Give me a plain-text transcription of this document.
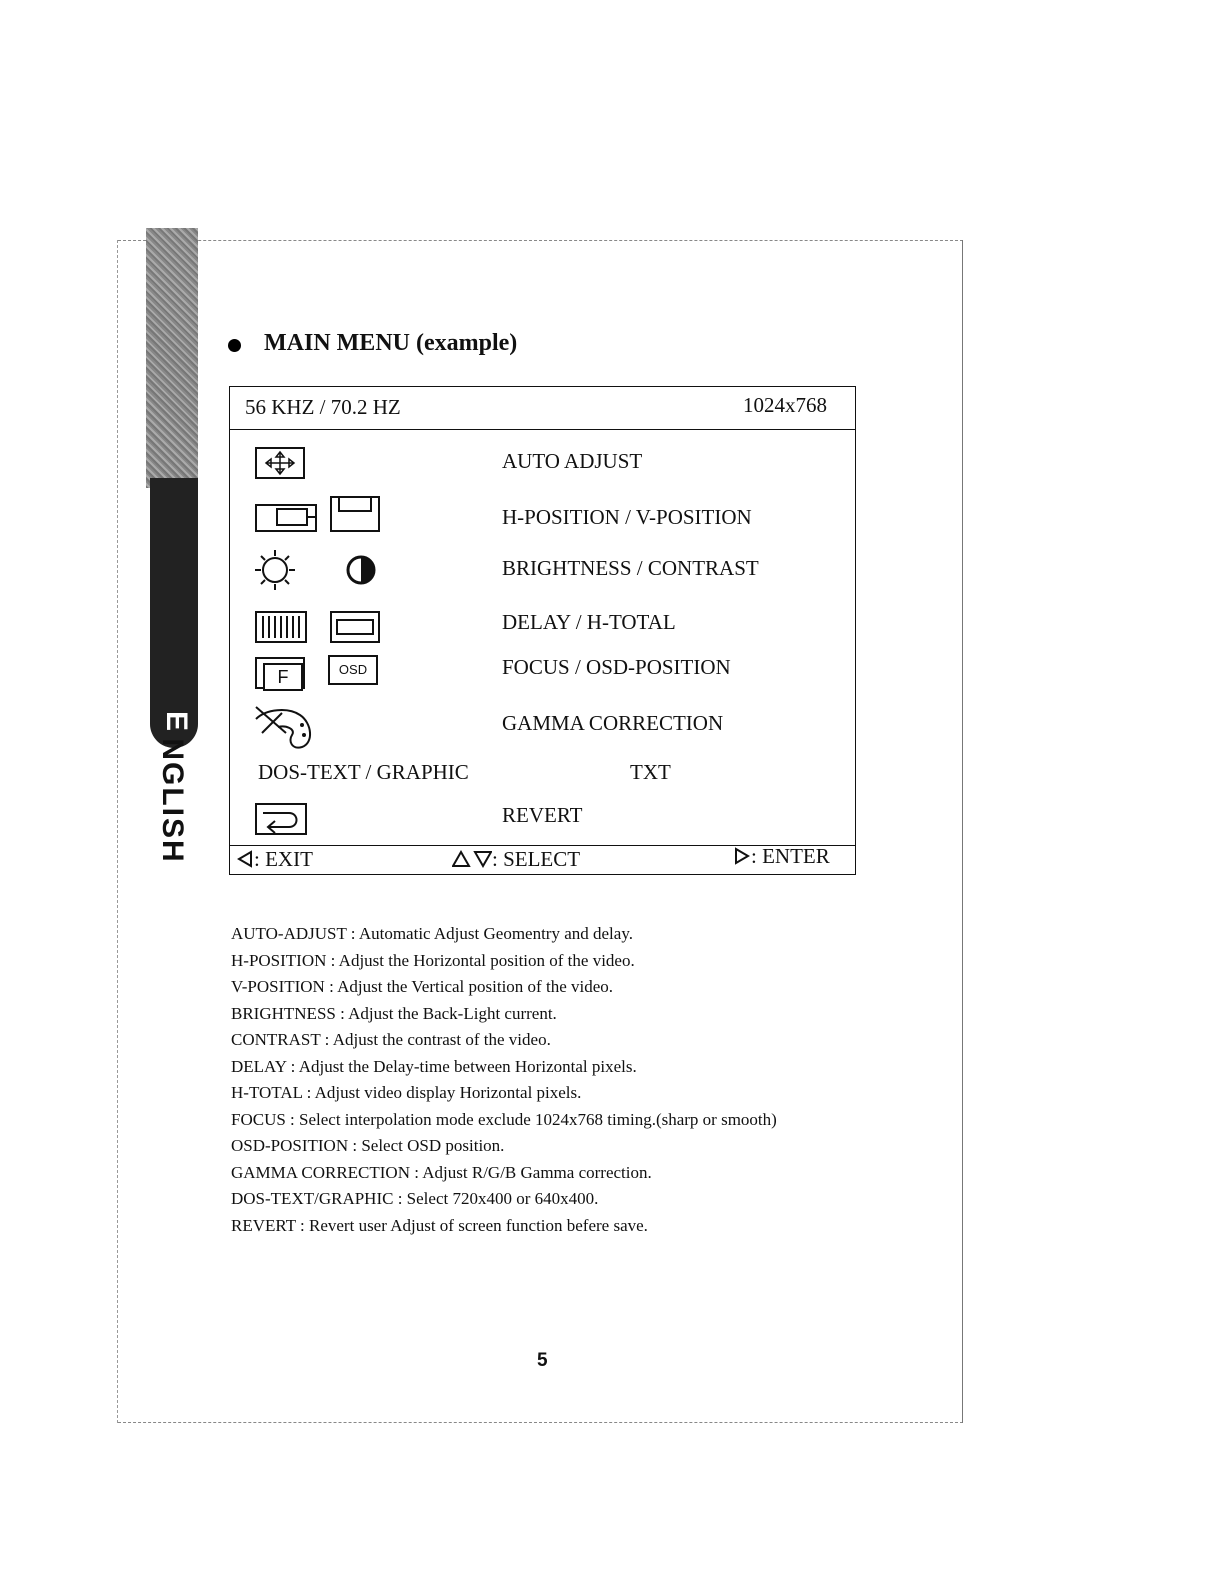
E
NGLISH
MAIN MENU (example)
56 KHZ / 70.2 HZ	1024x768
AUTO ADJUST
H-POSITION / V-POSITION
BRIGHTNESS / CONTRAST
DELAY / H-TOTAL
F	OSD	FOCUS / OSD-POSITION
GAMMA CORRECTION
DOS-TEXT / GRAPHIC	TXT
REVERT
: EXIT	: SELECT	: ENTER
AUTO-ADJUST : Automatic Adjust Geomentry and delay.
H-POSITION : Adjust the Horizontal position of the video.
V-POSITION : Adjust the Vertical position of the video.
BRIGHTNESS : Adjust the Back-Light current.
CONTRAST : Adjust the contrast of the video.
DELAY : Adjust the Delay-time between Horizontal pixels.
H-TOTAL : Adjust video display Horizontal pixels.
FOCUS : Select interpolation mode exclude 1024x768 timing.(sharp or smooth)
OSD-POSITION : Select OSD position.
GAMMA CORRECTION : Adjust R/G/B Gamma correction.
DOS-TEXT/GRAPHIC : Select 720x400 or 640x400.
REVERT : Revert user Adjust of screen function befere save.
5
